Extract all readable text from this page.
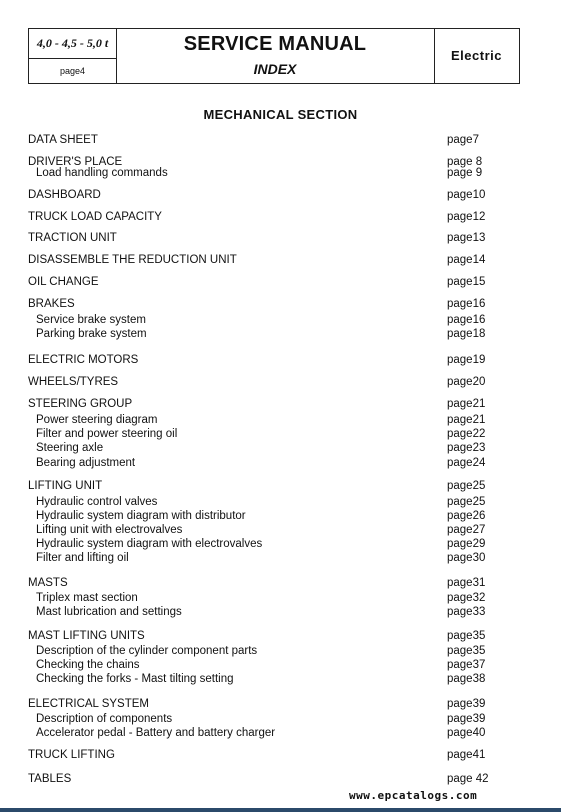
4,0 - 4,5 - 5,0 t
page4
SERVICE MANUAL
INDEX
Electric
MECHANICAL SECTION
DATA SHEET	page7
DRIVER'S PLACE	page 8
Load handling commands	page 9
DASHBOARD	page10
TRUCK LOAD CAPACITY	page12
TRACTION UNIT	page13
DISASSEMBLE THE REDUCTION UNIT	page14
OIL CHANGE	page15
BRAKES	page16
Service brake system	page16
Parking brake system	page18
ELECTRIC MOTORS	page19
WHEELS/TYRES	page20
STEERING GROUP	page21
Power steering diagram	page21
Filter and power steering oil	page22
Steering axle	page23
Bearing adjustment	page24
LIFTING UNIT	page25
Hydraulic control valves	page25
Hydraulic system diagram with distributor	page26
Lifting unit with electrovalves	page27
Hydraulic system diagram with electrovalves	page29
Filter and lifting oil	page30
MASTS	page31
Triplex mast section	page32
Mast lubrication and settings	page33
MAST LIFTING UNITS	page35
Description of the cylinder component parts	page35
Checking the chains	page37
Checking the forks - Mast tilting setting	page38
ELECTRICAL SYSTEM	page39
Description of components	page39
Accelerator pedal - Battery and battery charger	page40
TRUCK LIFTING	page41
TABLES	page 42
www.epcatalogs.com
